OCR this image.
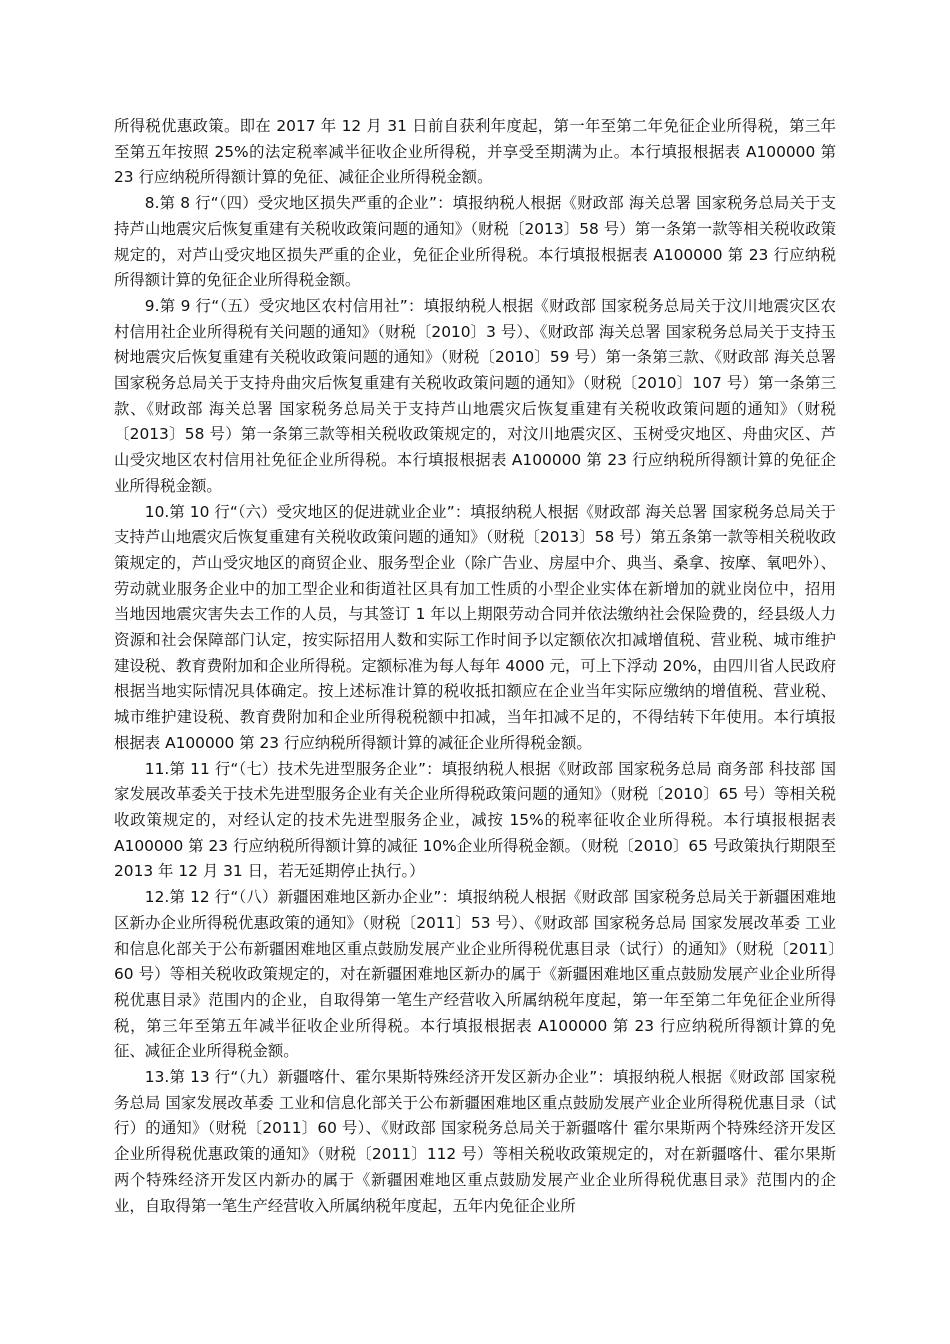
所得税优惠政策。即在 2017 年 12 月 31 日前自获利年度起，第一年至第二年免征企业所得税，第三年至第五年按照 25%的法定税率减半征收企业所得税，并享受至期满为止。本行填报根据表 A100000 第 23 行应纳税所得额计算的免征、减征企业所得税金额。

8.第 8 行“（四）受灾地区损失严重的企业”：填报纳税人根据《财政部 海关总署 国家税务总局关于支持芦山地震灾后恢复重建有关税收政策问题的通知》（财税〔2013〕58 号）第一条第一款等相关税收政策规定的，对芦山受灾地区损失严重的企业，免征企业所得税。本行填报根据表 A100000 第 23 行应纳税所得额计算的免征企业所得税金额。

9.第 9 行“（五）受灾地区农村信用社”：填报纳税人根据《财政部 国家税务总局关于汶川地震灾区农村信用社企业所得税有关问题的通知》（财税〔2010〕3 号）、《财政部 海关总署 国家税务总局关于支持玉树地震灾后恢复重建有关税收政策问题的通知》（财税〔2010〕59 号）第一条第三款、《财政部 海关总署 国家税务总局关于支持舟曲灾后恢复重建有关税收政策问题的通知》（财税〔2010〕107 号）第一条第三款、《财政部 海关总署 国家税务总局关于支持芦山地震灾后恢复重建有关税收政策问题的通知》（财税〔2013〕58 号）第一条第三款等相关税收政策规定的，对汶川地震灾区、玉树受灾地区、舟曲灾区、芦山受灾地区农村信用社免征企业所得税。本行填报根据表 A100000 第 23 行应纳税所得额计算的免征企业所得税金额。

10.第 10 行“（六）受灾地区的促进就业企业”：填报纳税人根据《财政部 海关总署 国家税务总局关于支持芦山地震灾后恢复重建有关税收政策问题的通知》（财税〔2013〕58 号）第五条第一款等相关税收政策规定的，芦山受灾地区的商贸企业、服务型企业（除广告业、房屋中介、典当、桑拿、按摩、氧吧外）、劳动就业服务企业中的加工型企业和街道社区具有加工性质的小型企业实体在新增加的就业岗位中，招用当地因地震灾害失去工作的人员，与其签订 1 年以上期限劳动合同并依法缴纳社会保险费的，经县级人力资源和社会保障部门认定，按实际招用人数和实际工作时间予以定额依次扣减增值税、营业税、城市维护建设税、教育费附加和企业所得税。定额标准为每人每年 4000 元，可上下浮动 20%，由四川省人民政府根据当地实际情况具体确定。按上述标准计算的税收抵扣额应在企业当年实际应缴纳的增值税、营业税、城市维护建设税、教育费附加和企业所得税税额中扣减，当年扣减不足的，不得结转下年使用。本行填报根据表 A100000 第 23 行应纳税所得额计算的减征企业所得税金额。

11.第 11 行“（七）技术先进型服务企业”：填报纳税人根据《财政部 国家税务总局 商务部 科技部 国家发展改革委关于技术先进型服务企业有关企业所得税政策问题的通知》（财税〔2010〕65 号）等相关税收政策规定的，对经认定的技术先进型服务企业，减按 15%的税率征收企业所得税。本行填报根据表 A100000 第 23 行应纳税所得额计算的减征 10%企业所得税金额。（财税〔2010〕65 号政策执行期限至 2013 年 12 月 31 日，若无延期停止执行。）

12.第 12 行“（八）新疆困难地区新办企业”：填报纳税人根据《财政部 国家税务总局关于新疆困难地区新办企业所得税优惠政策的通知》（财税〔2011〕53 号）、《财政部 国家税务总局 国家发展改革委 工业和信息化部关于公布新疆困难地区重点鼓励发展产业企业所得税优惠目录（试行）的通知》（财税〔2011〕60 号）等相关税收政策规定的，对在新疆困难地区新办的属于《新疆困难地区重点鼓励发展产业企业所得税优惠目录》范围内的企业，自取得第一笔生产经营收入所属纳税年度起，第一年至第二年免征企业所得税，第三年至第五年减半征收企业所得税。本行填报根据表 A100000 第 23 行应纳税所得额计算的免征、减征企业所得税金额。

13.第 13 行“（九）新疆喀什、霍尔果斯特殊经济开发区新办企业”：填报纳税人根据《财政部 国家税务总局 国家发展改革委 工业和信息化部关于公布新疆困难地区重点鼓励发展产业企业所得税优惠目录（试行）的通知》（财税〔2011〕60 号）、《财政部 国家税务总局关于新疆喀什 霍尔果斯两个特殊经济开发区企业所得税优惠政策的通知》（财税〔2011〕112 号）等相关税收政策规定的，对在新疆喀什、霍尔果斯两个特殊经济开发区内新办的属于《新疆困难地区重点鼓励发展产业企业所得税优惠目录》范围内的企业，自取得第一笔生产经营收入所属纳税年度起，五年内免征企业所
